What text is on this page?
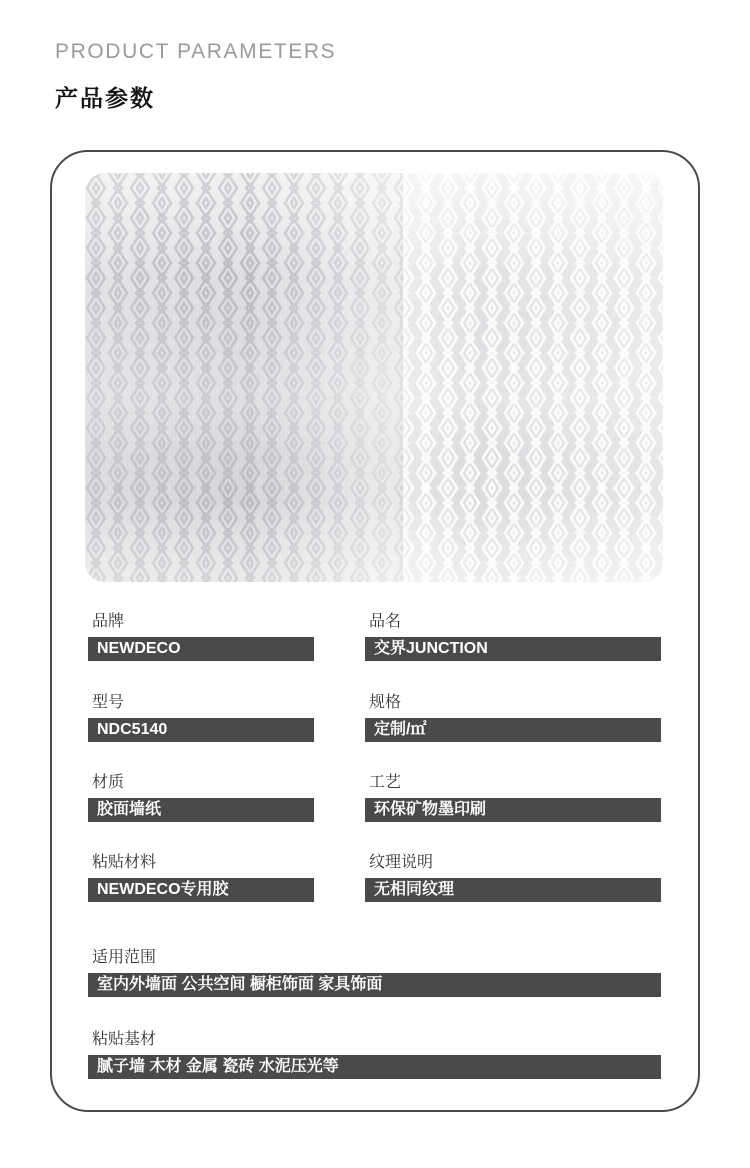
PRODUCT PARAMETERS
产品参数
品牌
NEWDECO
品名
交界JUNCTION
型号
NDC5140
规格
定制/㎡
材质
胶面墙纸
工艺
环保矿物墨印刷
粘贴材料
NEWDECO专用胶
纹理说明
无相同纹理
适用范围
室内外墙面 公共空间 橱柜饰面 家具饰面
粘贴基材
腻子墙 木材 金属 瓷砖 水泥压光等
